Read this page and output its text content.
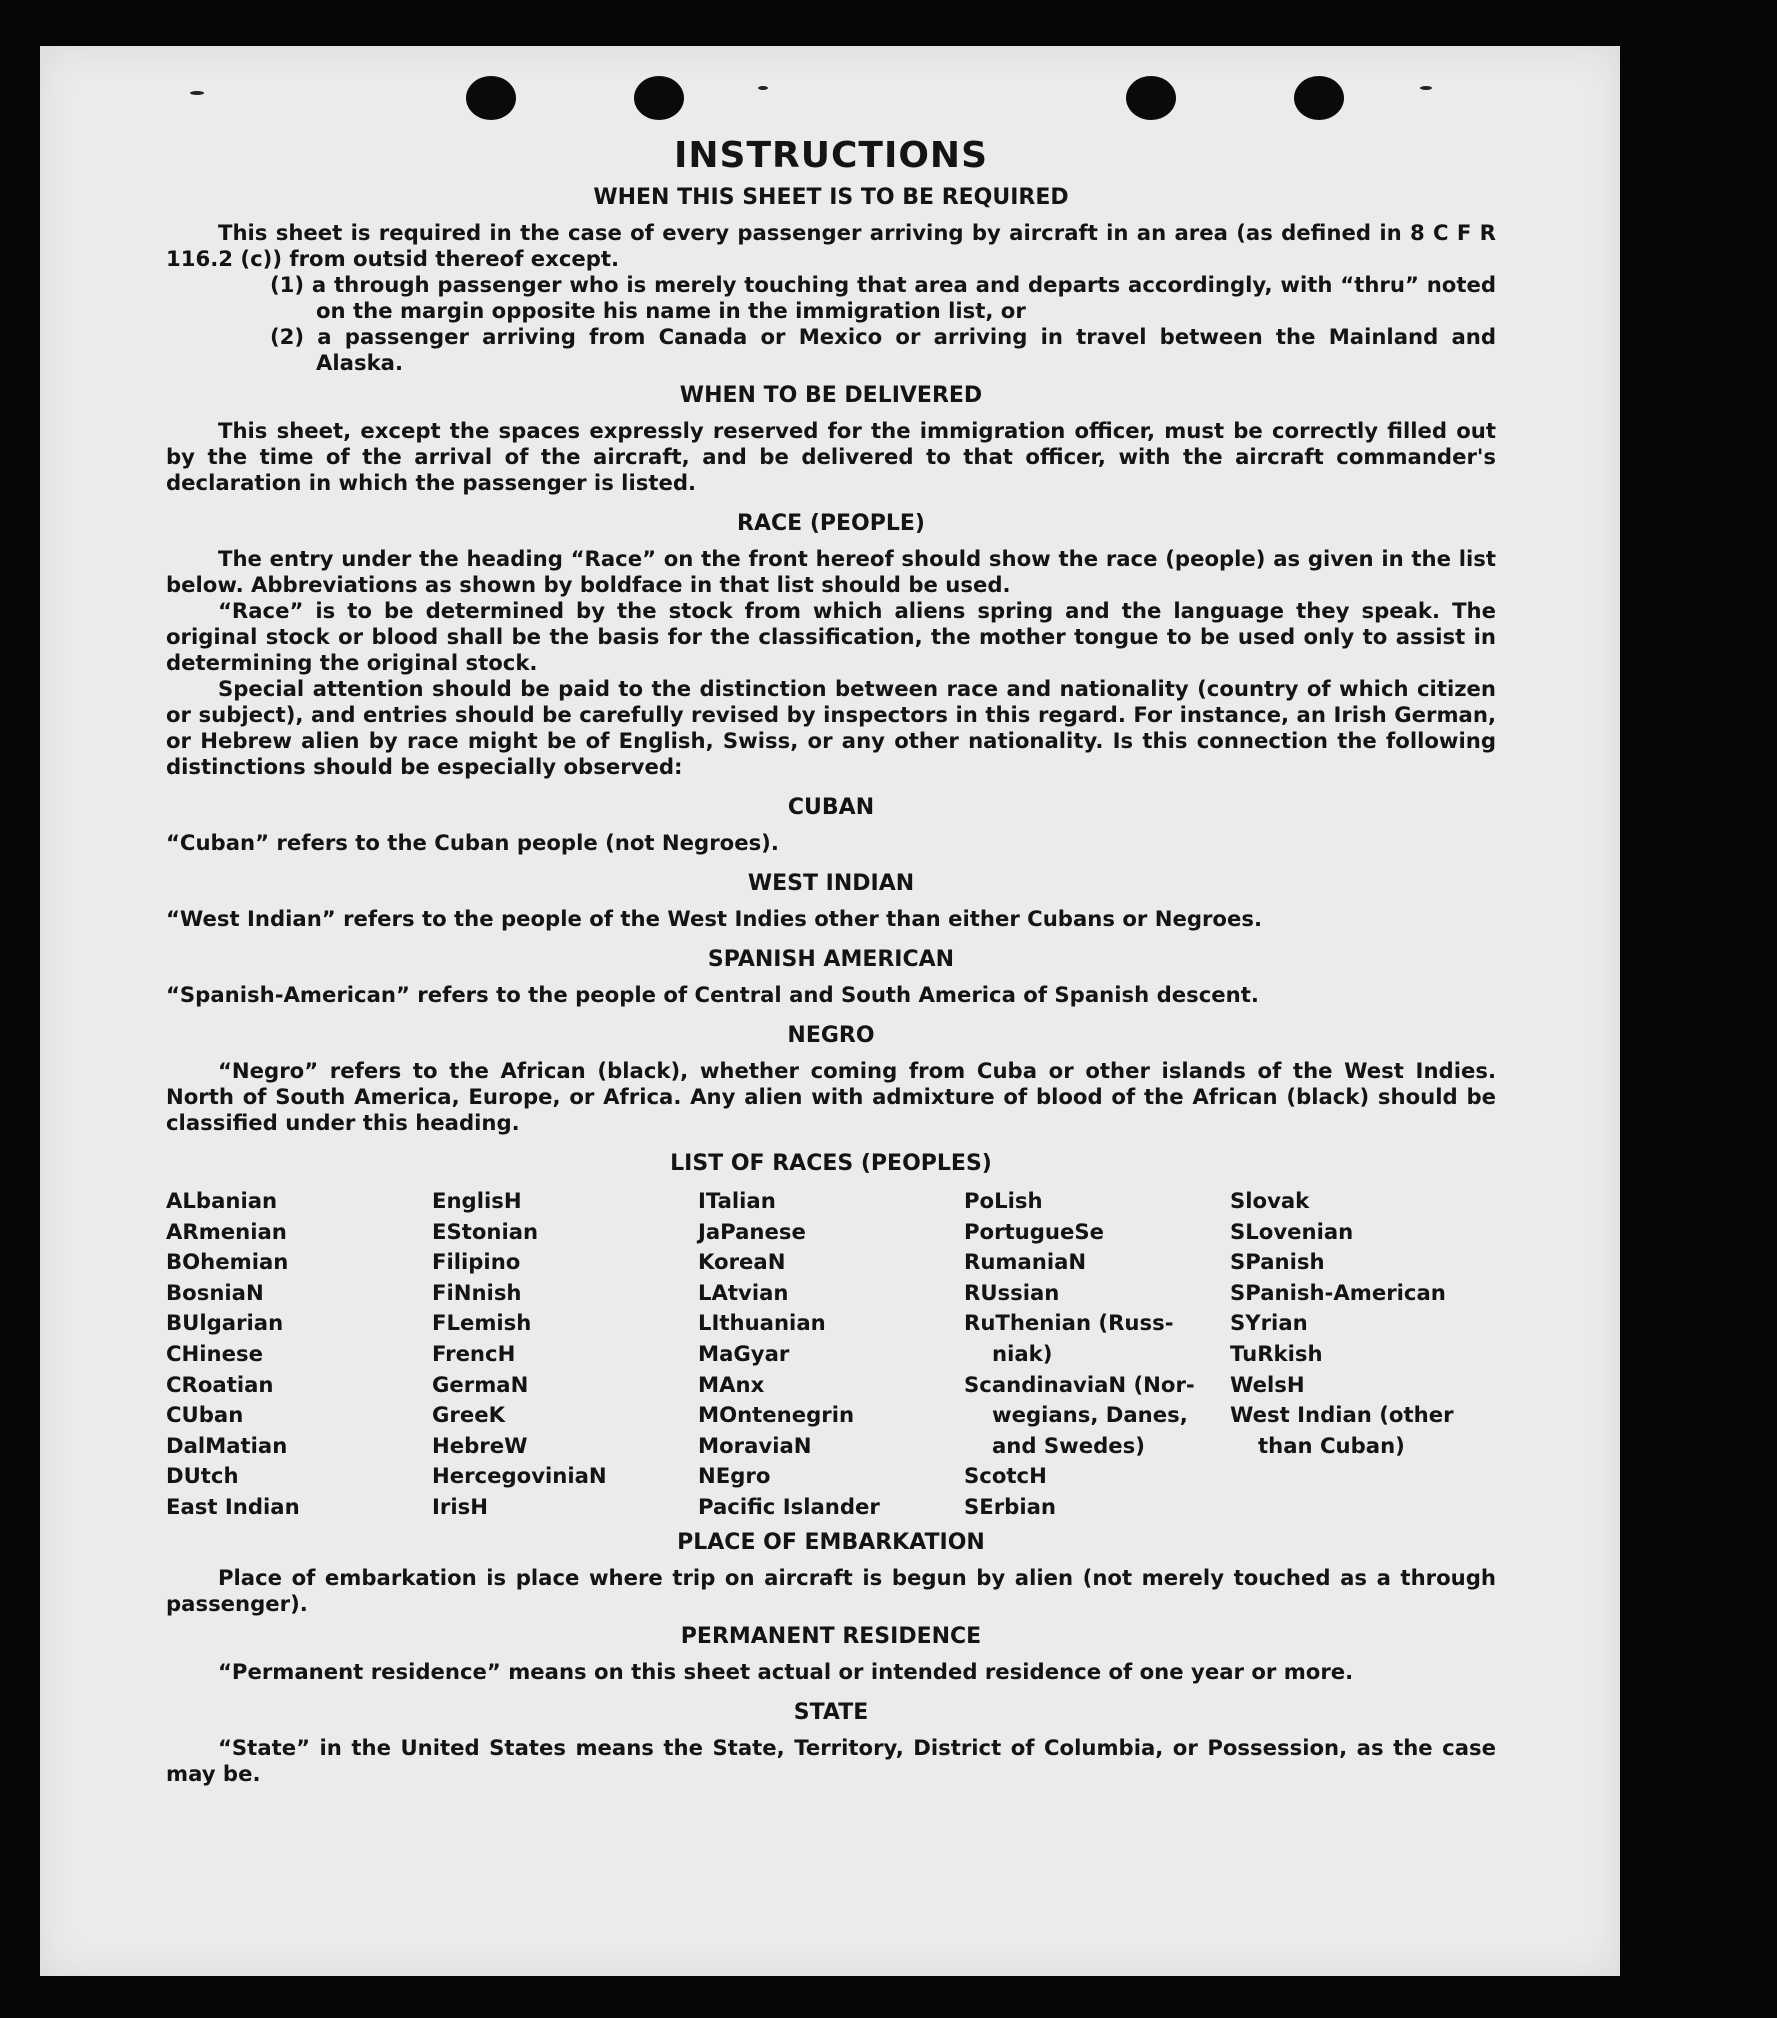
INSTRUCTIONS
WHEN THIS SHEET IS TO BE REQUIRED

This sheet is required in the case of every passenger arriving by aircraft in an area (as defined in 8 C F R 116.2 (c)) from outsid thereof except.

(1) a through passenger who is merely touching that area and departs accordingly, with “thru” noted on the margin opposite his name in the immigration list, or

(2) a passenger arriving from Canada or Mexico or arriving in travel between the Mainland and Alaska.

WHEN TO BE DELIVERED

This sheet, except the spaces expressly reserved for the immigration officer, must be correctly filled out by the time of the arrival of the aircraft, and be delivered to that officer, with the aircraft commander's declaration in which the passenger is listed.

RACE (PEOPLE)

The entry under the heading “Race” on the front hereof should show the race (people) as given in the list below. Abbreviations as shown by boldface in that list should be used.

“Race” is to be determined by the stock from which aliens spring and the language they speak. The original stock or blood shall be the basis for the classification, the mother tongue to be used only to assist in determining the original stock.

Special attention should be paid to the distinction between race and nationality (country of which citizen or subject), and entries should be carefully revised by inspectors in this regard. For instance, an Irish German, or Hebrew alien by race might be of English, Swiss, or any other nationality. Is this connection the following distinctions should be especially observed:

CUBAN

“Cuban” refers to the Cuban people (not Negroes).

WEST INDIAN

“West Indian” refers to the people of the West Indies other than either Cubans or Negroes.

SPANISH AMERICAN

“Spanish-American” refers to the people of Central and South America of Spanish descent.

NEGRO

“Negro” refers to the African (black), whether coming from Cuba or other islands of the West Indies. North of South America, Europe, or Africa. Any alien with admixture of blood of the African (black) should be classified under this heading.

LIST OF RACES (PEOPLES)
ALbanian
ARmenian
BOhemian
BosniaN
BUlgarian
CHinese
CRoatian
CUban
DalMatian
DUtch
East Indian
EnglisH
EStonian
Filipino
FiNnish
FLemish
FrencH
GermaN
GreeK
HebreW
HercegoviniaN
IrisH
ITalian
JaPanese
KoreaN
LAtvian
LIthuanian
MaGyar
MAnx
MOntenegrin
MoraviaN
NEgro
Pacific Islander
PoLish
PortugueSe
RumaniaN
RUssian
RuThenian (Russ-
niak)
ScandinaviaN (Nor-
wegians, Danes,
and Swedes)
ScotcH
SErbian
Slovak
SLovenian
SPanish
SPanish-American
SYrian
TuRkish
WelsH
West Indian (other
than Cuban)
PLACE OF EMBARKATION

Place of embarkation is place where trip on aircraft is begun by alien (not merely touched as a through passenger).

PERMANENT RESIDENCE

“Permanent residence” means on this sheet actual or intended residence of one year or more.

STATE

“State” in the United States means the State, Territory, District of Columbia, or Possession, as the case may be.
